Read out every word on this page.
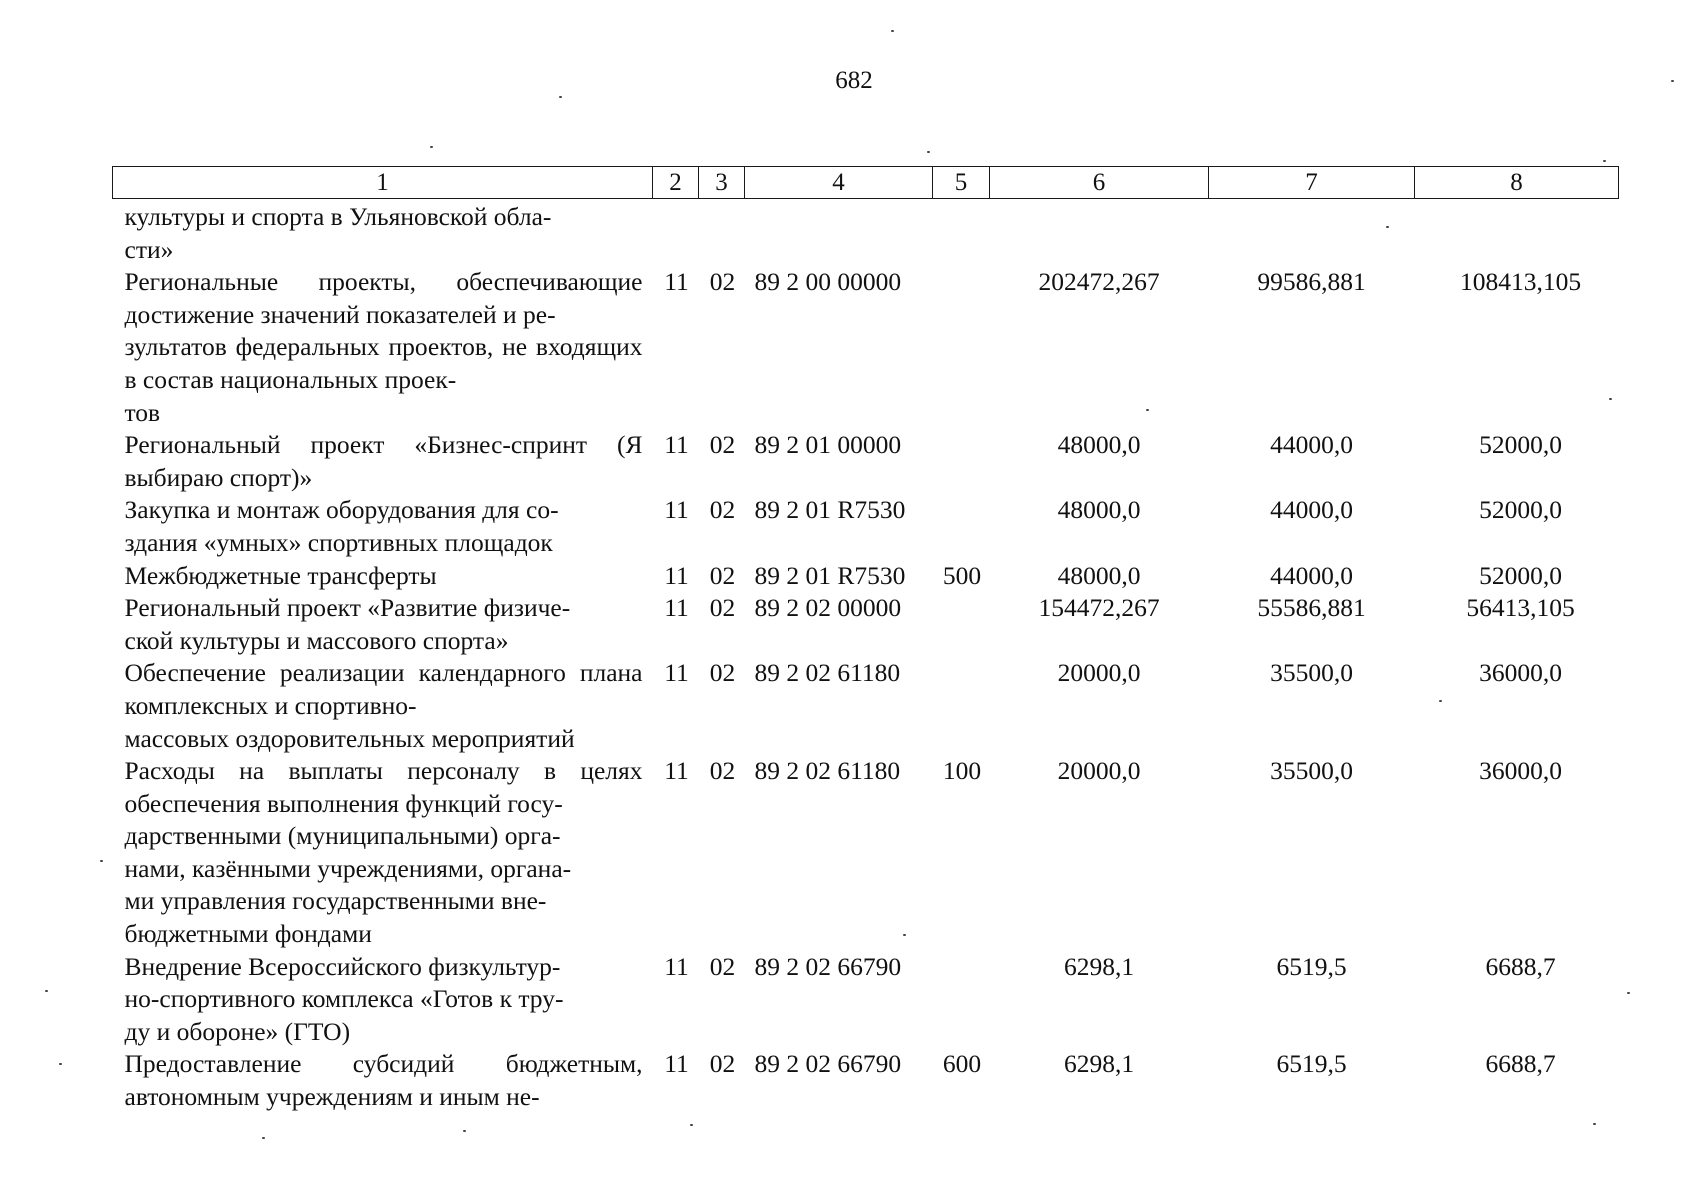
682
1	2	3	4	5	6	7	8
культуры и спорта в Ульяновской обла-
сти»							
Региональные проекты, обеспечивающие достижение значений показателей и ре-
зультатов федеральных проектов, не входящих в состав национальных проек-
тов	11	02	89 2 00 00000		202472,267	99586,881	108413,105
Региональный проект «Бизнес-спринт (Я выбираю спорт)»	11	02	89 2 01 00000		48000,0	44000,0	52000,0
Закупка и монтаж оборудования для со-
здания «умных» спортивных площадок	11	02	89 2 01 R7530		48000,0	44000,0	52000,0
Межбюджетные трансферты	11	02	89 2 01 R7530	500	48000,0	44000,0	52000,0
Региональный проект «Развитие физиче-
ской культуры и массового спорта»	11	02	89 2 02 00000		154472,267	55586,881	56413,105
Обеспечение реализации календарного плана комплексных и спортивно-
массовых оздоровительных мероприятий	11	02	89 2 02 61180		20000,0	35500,0	36000,0
Расходы на выплаты персоналу в целях обеспечения выполнения функций госу-
дарственными (муниципальными) орга-
нами, казёнными учреждениями, органа-
ми управления государственными вне-
бюджетными фондами	11	02	89 2 02 61180	100	20000,0	35500,0	36000,0
Внедрение Всероссийского физкультур-
но-спортивного комплекса «Готов к тру-
ду и обороне» (ГТО)	11	02	89 2 02 66790		6298,1	6519,5	6688,7
Предоставление субсидий бюджетным, автономным учреждениям и иным не-	11	02	89 2 02 66790	600	6298,1	6519,5	6688,7
